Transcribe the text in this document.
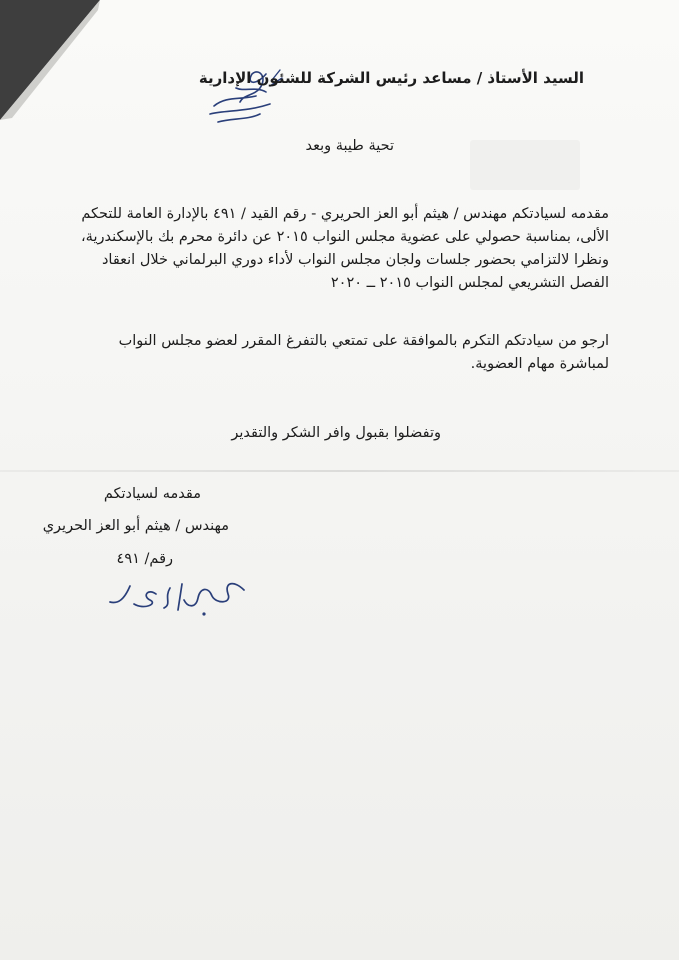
السيد الأستاذ / مساعد رئيس الشركة للشئون الإدارية
تحية طيبة وبعد
مقدمه لسيادتكم مهندس / هيثم أبو العز الحريري - رقم القيد / ٤٩١ بالإدارة العامة للتحكم
الألى، بمناسبة حصولي على عضوية مجلس النواب ٢٠١٥ عن دائرة محرم بك بالإسكندرية،
ونظرا لالتزامي بحضور جلسات ولجان مجلس النواب لأداء دوري البرلماني خلال انعقاد
الفصل التشريعي لمجلس النواب ٢٠١٥ ــ ٢٠٢٠
ارجو من سيادتكم التكرم بالموافقة على تمتعي بالتفرغ المقرر لعضو مجلس النواب
لمباشرة مهام العضوية.
وتفضلوا بقبول وافر الشكر والتقدير
مقدمه لسيادتكم
مهندس / هيثم أبو العز الحريري
رقم/ ٤٩١
